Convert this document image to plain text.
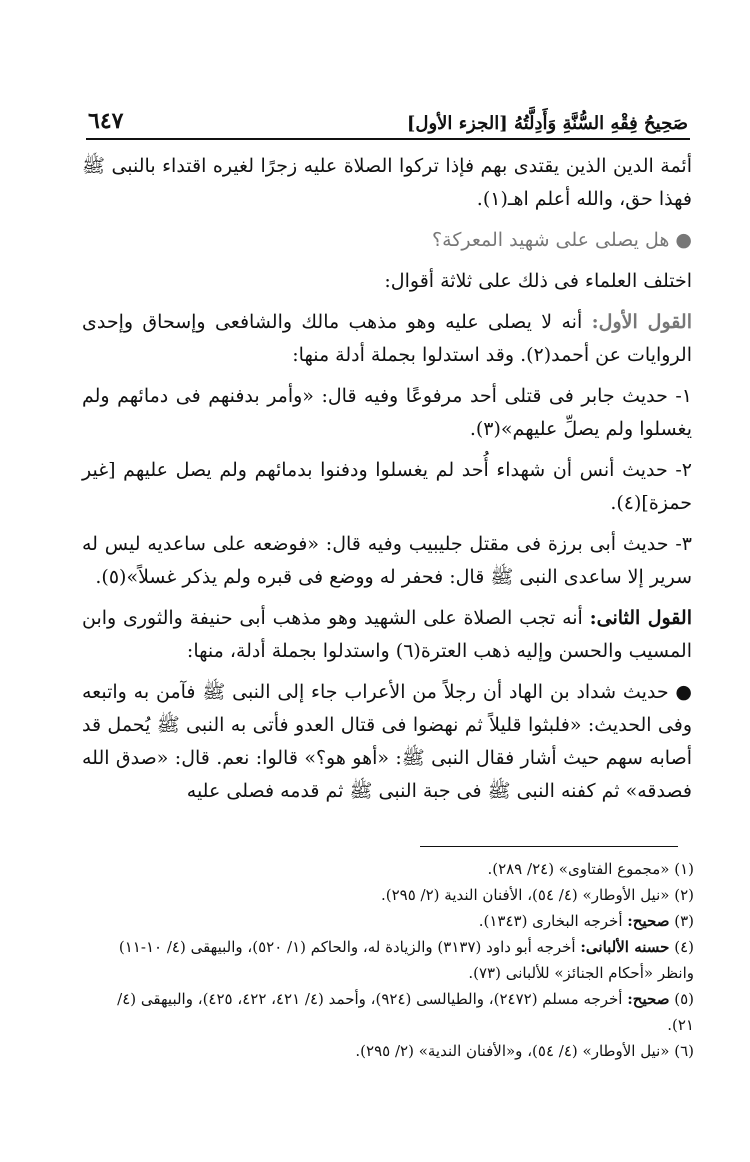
صَحِيحُ فِقْهِ السُّنَّةِ وَأَدِلَّتُهُ [الجزء الأول]
٦٤٧

أئمة الدين الذين يقتدى بهم فإذا تركوا الصلاة عليه زجرًا لغيره اقتداء بالنبى ﷺ فهذا حق، والله أعلم اهـ(١).

● هل يصلى على شهيد المعركة؟

اختلف العلماء فى ذلك على ثلاثة أقوال:

القول الأول: أنه لا يصلى عليه وهو مذهب مالك والشافعى وإسحاق وإحدى الروايات عن أحمد(٢). وقد استدلوا بجملة أدلة منها:

١- حديث جابر فى قتلى أحد مرفوعًا وفيه قال: «وأمر بدفنهم فى دمائهم ولم يغسلوا ولم يصلِّ عليهم»(٣).

٢- حديث أنس أن شهداء أُحد لم يغسلوا ودفنوا بدمائهم ولم يصل عليهم [غير حمزة](٤).

٣- حديث أبى برزة فى مقتل جليبيب وفيه قال: «فوضعه على ساعديه ليس له سرير إلا ساعدى النبى ﷺ قال: فحفر له ووضع فى قبره ولم يذكر غسلاً»(٥).

القول الثانى: أنه تجب الصلاة على الشهيد وهو مذهب أبى حنيفة والثورى وابن المسيب والحسن وإليه ذهب العترة(٦) واستدلوا بجملة أدلة، منها:

● حديث شداد بن الهاد أن رجلاً من الأعراب جاء إلى النبى ﷺ فآمن به واتبعه وفى الحديث: «فلبثوا قليلاً ثم نهضوا فى قتال العدو فأتى به النبى ﷺ يُحمل قد أصابه سهم حيث أشار فقال النبى ﷺ: «أهو هو؟» قالوا: نعم. قال: «صدق الله فصدقه» ثم كفنه النبى ﷺ فى جبة النبى ﷺ ثم قدمه فصلى عليه

(١) «مجموع الفتاوى» (٢٤/ ٢٨٩).
(٢) «نيل الأوطار» (٤/ ٥٤)، الأفنان الندية (٢/ ٢٩٥).
(٣) صحيح: أخرجه البخارى (١٣٤٣).
(٤) حسنه الألبانى: أخرجه أبو داود (٣١٣٧) والزيادة له، والحاكم (١/ ٥٢٠)، والبيهقى (٤/ ١٠-١١) وانظر «أحكام الجنائز» للألبانى (٧٣).
(٥) صحيح: أخرجه مسلم (٢٤٧٢)، والطيالسى (٩٢٤)، وأحمد (٤/ ٤٢١، ٤٢٢، ٤٢٥)، والبيهقى (٤/ ٢١).
(٦) «نيل الأوطار» (٤/ ٥٤)، و«الأفنان الندية» (٢/ ٢٩٥).
